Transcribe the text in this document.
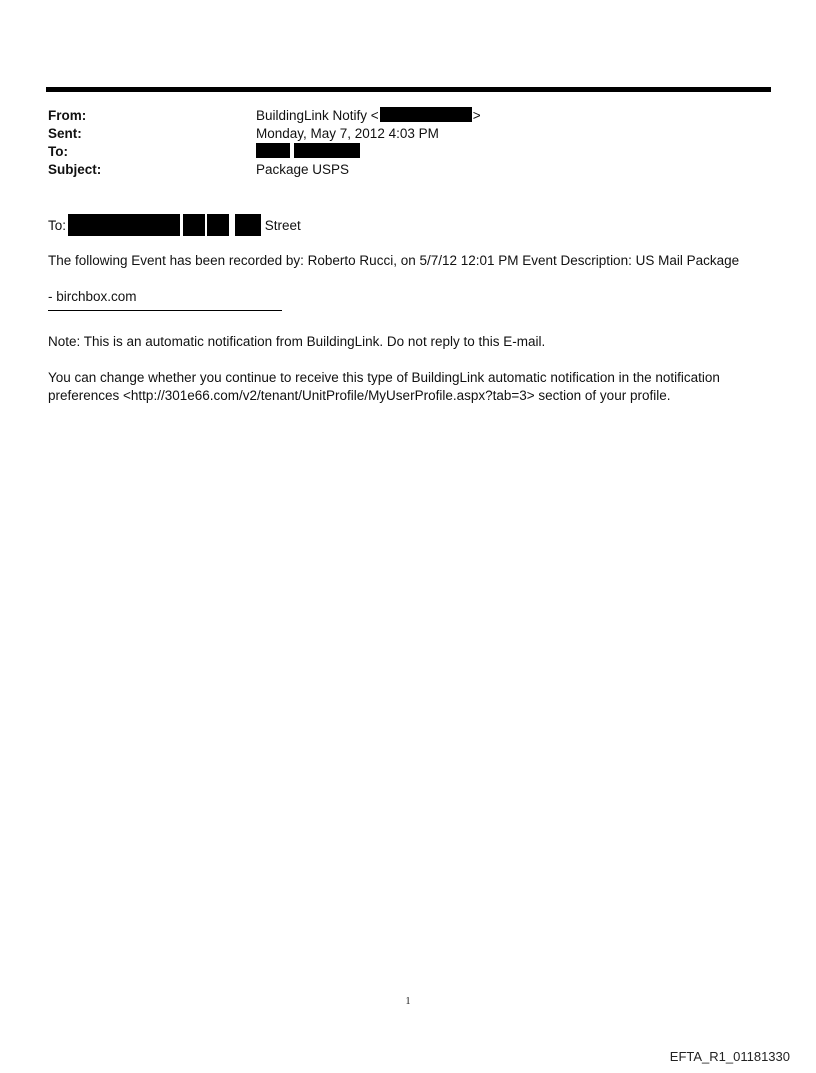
From:	BuildingLink Notify <	>
Sent:	Monday, May 7, 2012 4:03 PM
To:
Subject:	Package USPS
To:	Street

The following Event has been recorded by: Roberto Rucci, on 5/7/12 12:01 PM Event Description: US Mail Package

- birchbox.com

Note: This is an automatic notification from BuildingLink. Do not reply to this E-mail.

You can change whether you continue to receive this type of BuildingLink automatic notification in the notification preferences <http://301e66.com/v2/tenant/UnitProfile/MyUserProfile.aspx?tab=3> section of your profile.

1
EFTA_R1_01181330
